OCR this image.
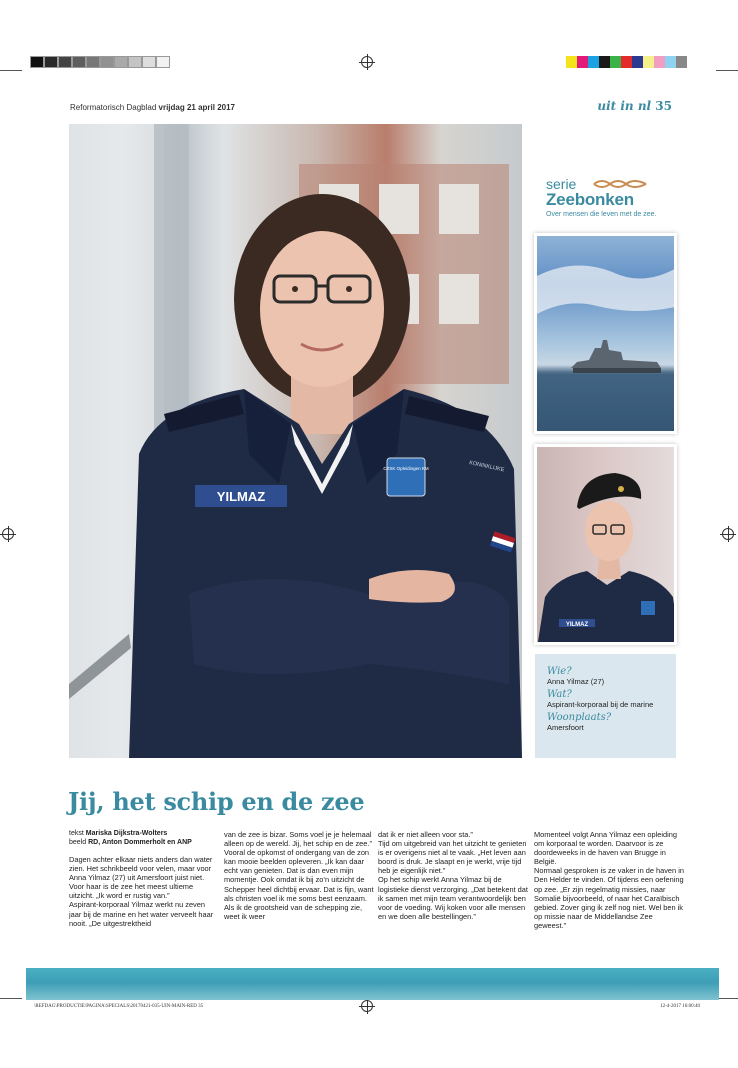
Reformatorisch Dagblad vrijdag 21 april 2017	uit in nl 35
YILMAZ
CZSK Opleidingen KM	KONINKLIJKE
serie
Zeebonken
Over mensen die leven met de zee.
YILMAZ
Wie?
Anna Yilmaz (27)
Wat?
Aspirant-korporaal bij de marine
Woonplaats?
Amersfoort
Jij, het schip en de zee
tekst Mariska Dijkstra-Wolters
beeld RD, Anton Dommerholt en ANP

Dagen achter elkaar niets anders dan water zien. Het schrikbeeld voor velen, maar voor Anna Yilmaz (27) uit Amersfoort juist niet. Voor haar is de zee het meest ultieme uitzicht. „Ik word er rustig van.”

Aspirant-korporaal Yilmaz werkt nu zeven jaar bij de marine en het water verveelt haar nooit. „De uitgestrektheid

van de zee is bizar. Soms voel je je helemaal alleen op de wereld. Jij, het schip en de zee.”

Vooral de opkomst of ondergang van de zon kan mooie beelden opleveren. „Ik kan daar echt van genieten. Dat is dan even mijn momentje. Ook omdat ik bij zo’n uitzicht de Schepper heel dichtbij ervaar. Dat is fijn, want als christen voel ik me soms best eenzaam. Als ik de grootsheid van de schepping zie, weet ik weer

dat ik er niet alleen voor sta.”

Tijd om uitgebreid van het uitzicht te genieten is er overigens niet al te vaak. „Het leven aan boord is druk. Je slaapt en je werkt, vrije tijd heb je eigenlijk niet.”

Op het schip werkt Anna Yilmaz bij de logistieke dienst verzorging. „Dat betekent dat ik samen met mijn team verantwoordelijk ben voor de voeding. Wij koken voor alle mensen en we doen alle bestellingen.”

Momenteel volgt Anna Yilmaz een opleiding om korporaal te worden. Daarvoor is ze doordeweeks in de haven van Brugge in België.

Normaal gesproken is ze vaker in de haven in Den Helder te vinden. Of tijdens een oefening op zee. „Er zijn regelmatig missies, naar Somalië bijvoorbeeld, of naar het Caraïbisch gebied. Zover ging ik zelf nog niet. Wel ben ik op missie naar de Middellandse Zee geweest.”

\REFDAG\PRODUCTIE\PAGINA\SPECIALS\20170421-035-UIN-MAIN-RED 35	12-4-2017 16:00:40
